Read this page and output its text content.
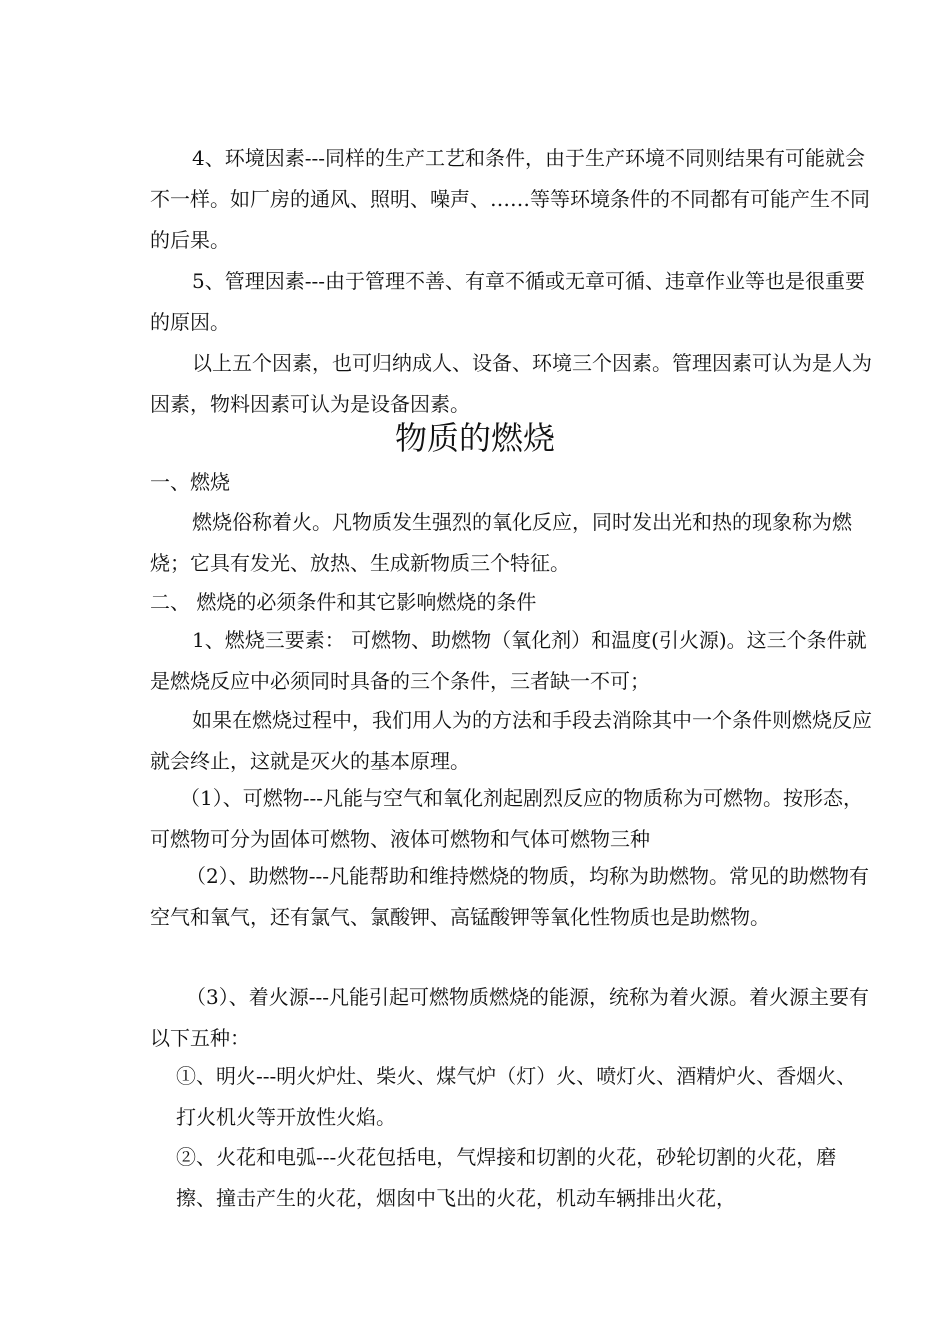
4、环境因素---同样的生产工艺和条件，由于生产环境不同则结果有可能就会不一样。如厂房的通风、照明、噪声、……等等环境条件的不同都有可能产生不同的后果。

5、管理因素---由于管理不善、有章不循或无章可循、违章作业等也是很重要的原因。

以上五个因素，也可归纳成人、设备、环境三个因素。管理因素可认为是人为因素，物料因素可认为是设备因素。

物质的燃烧

一、燃烧

燃烧俗称着火。凡物质发生强烈的氧化反应，同时发出光和热的现象称为燃烧；它具有发光、放热、生成新物质三个特征。

二、 燃烧的必须条件和其它影响燃烧的条件

1、燃烧三要素： 可燃物、助燃物（氧化剂）和温度(引火源)。这三个条件就是燃烧反应中必须同时具备的三个条件，三者缺一不可；

如果在燃烧过程中，我们用人为的方法和手段去消除其中一个条件则燃烧反应就会终止，这就是灭火的基本原理。

（1）、可燃物---凡能与空气和氧化剂起剧烈反应的物质称为可燃物。按形态，可燃物可分为固体可燃物、液体可燃物和气体可燃物三种

（2）、助燃物---凡能帮助和维持燃烧的物质，均称为助燃物。常见的助燃物有空气和氧气，还有氯气、氯酸钾、高锰酸钾等氧化性物质也是助燃物。

（3）、着火源---凡能引起可燃物质燃烧的能源，统称为着火源。着火源主要有以下五种：

①、明火---明火炉灶、柴火、煤气炉（灯）火、喷灯火、酒精炉火、香烟火、打火机火等开放性火焰。

②、火花和电弧---火花包括电，气焊接和切割的火花，砂轮切割的火花，磨擦、撞击产生的火花，烟囱中飞出的火花，机动车辆排出火花，
